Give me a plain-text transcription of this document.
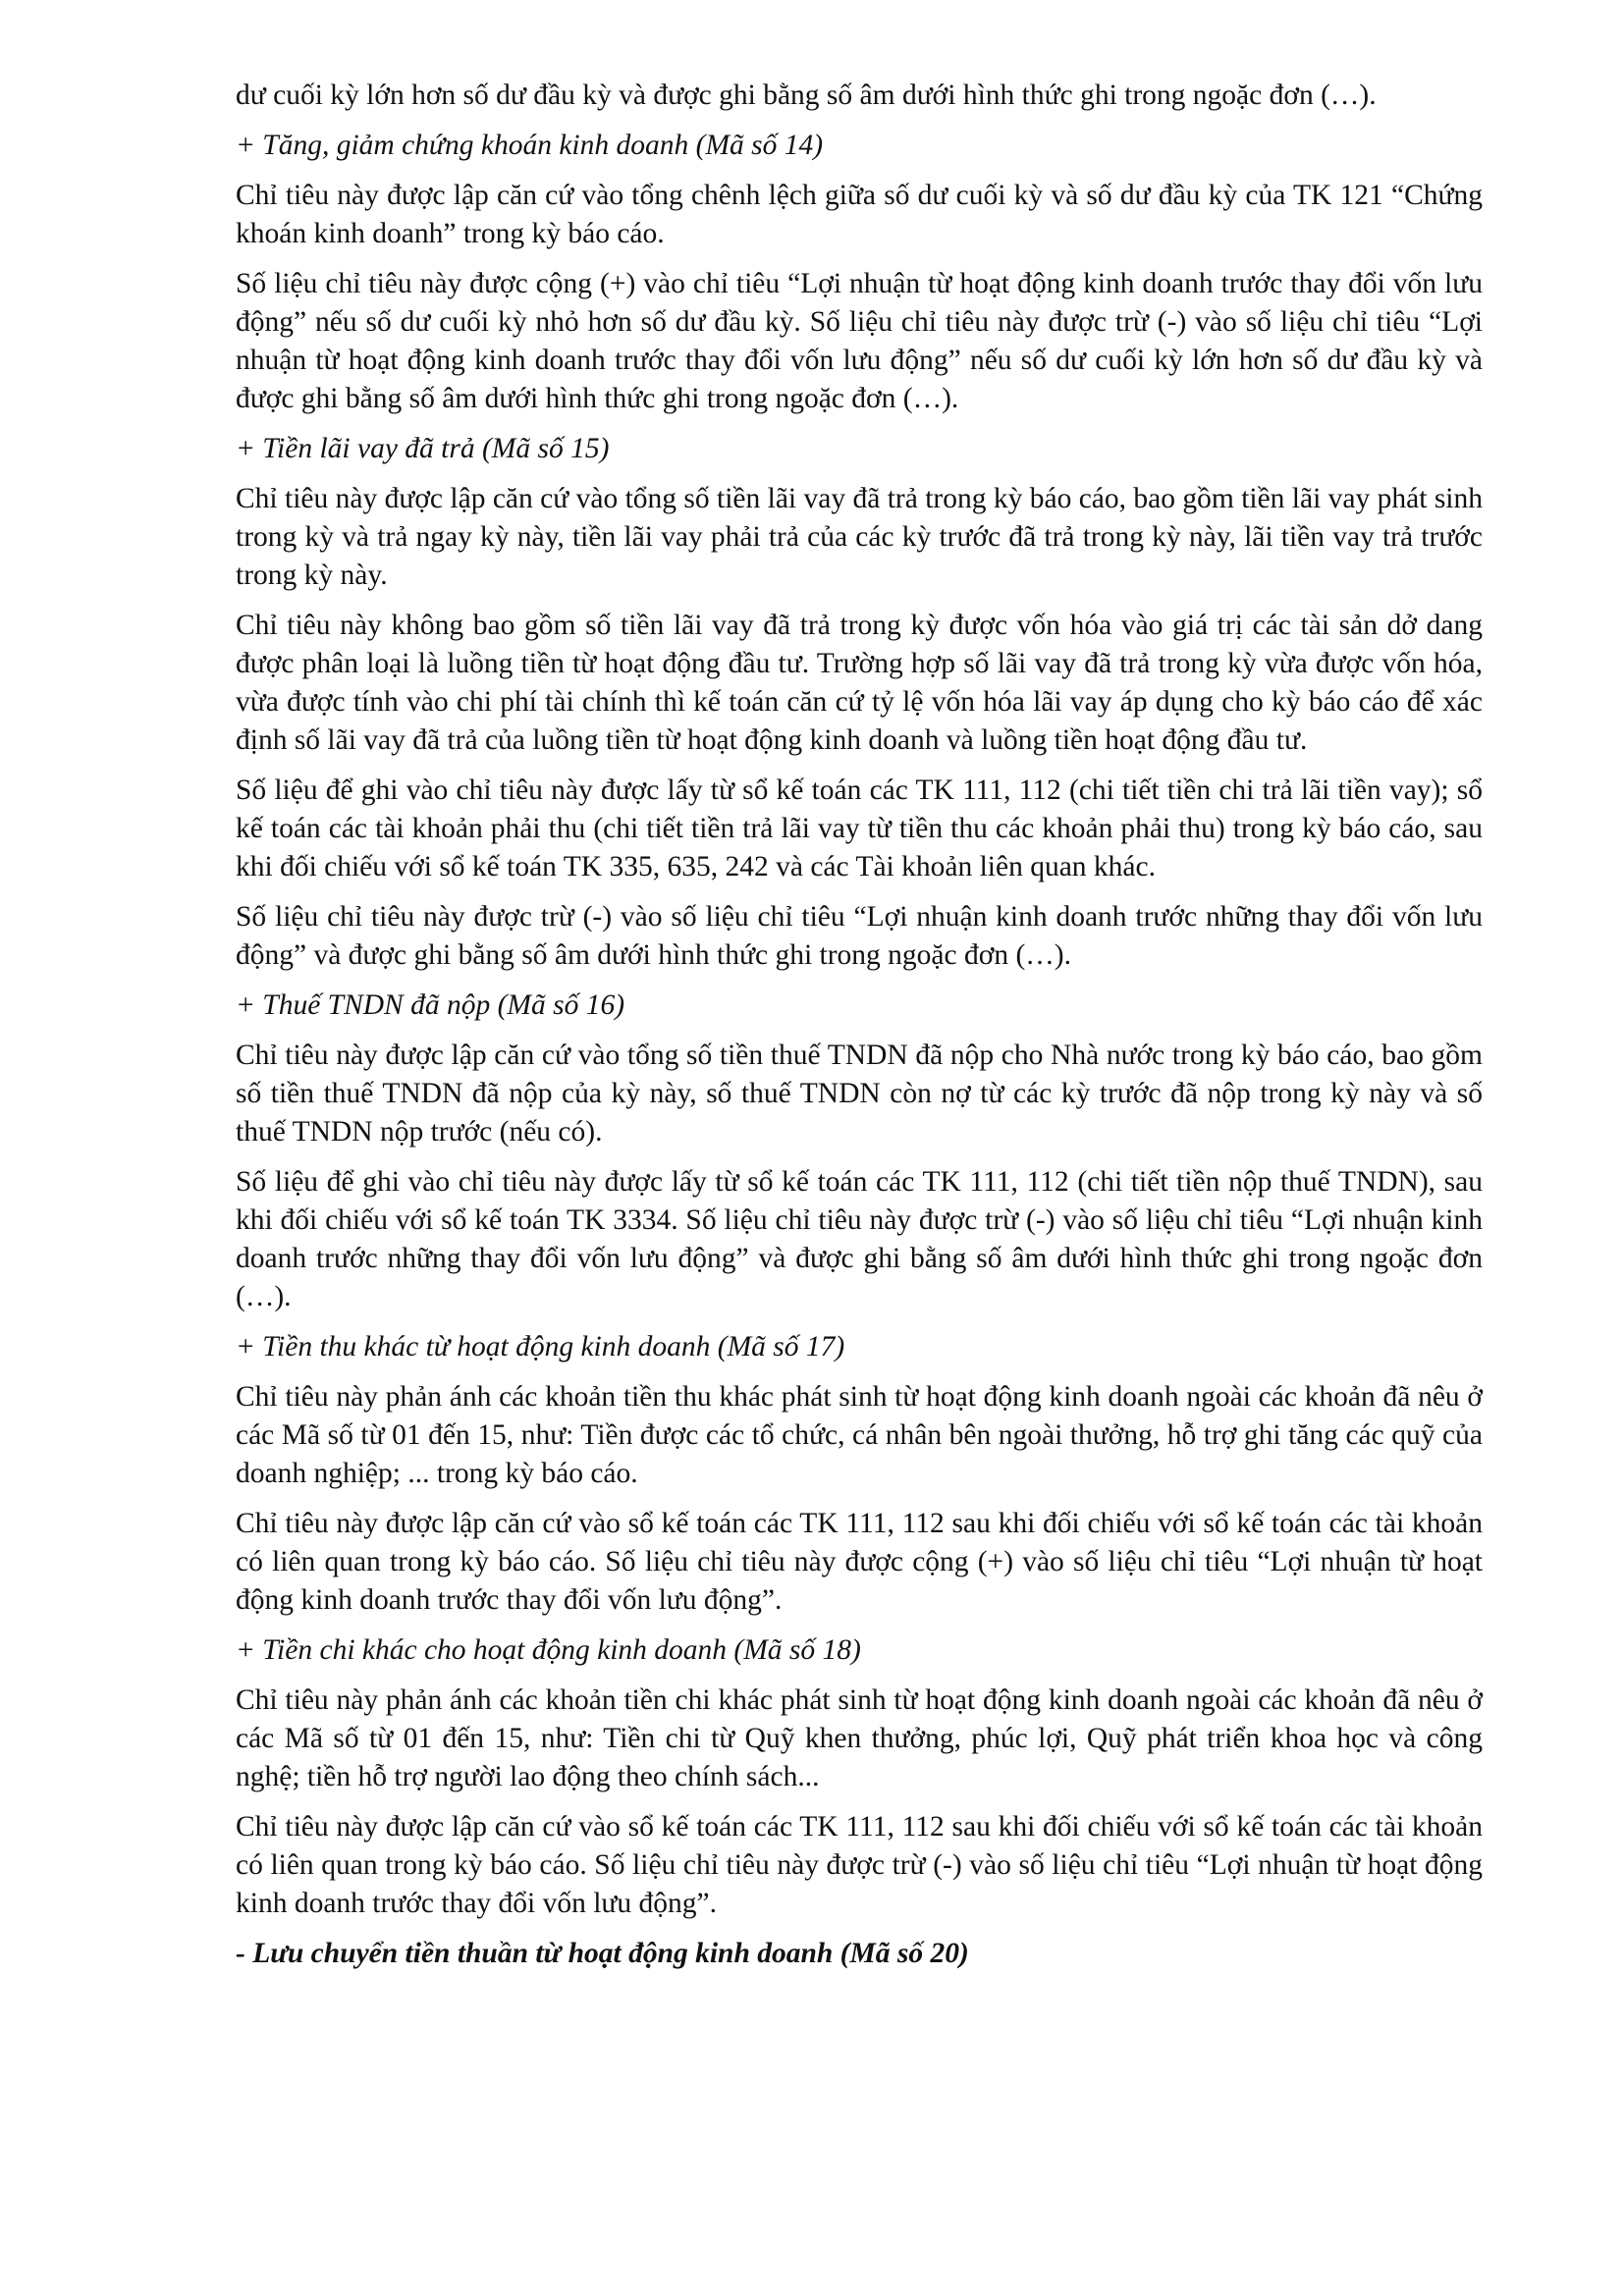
dư cuối kỳ lớn hơn số dư đầu kỳ và được ghi bằng số âm dưới hình thức ghi trong ngoặc đơn (…).

+ Tăng, giảm chứng khoán kinh doanh (Mã số 14)

Chỉ tiêu này được lập căn cứ vào tổng chênh lệch giữa số dư cuối kỳ và số dư đầu kỳ của TK 121 “Chứng khoán kinh doanh” trong kỳ báo cáo.

Số liệu chỉ tiêu này được cộng (+) vào chỉ tiêu “Lợi nhuận từ hoạt động kinh doanh trước thay đổi vốn lưu động” nếu số dư cuối kỳ nhỏ hơn số dư đầu kỳ. Số liệu chỉ tiêu này được trừ (-) vào số liệu chỉ tiêu “Lợi nhuận từ hoạt động kinh doanh trước thay đổi vốn lưu động” nếu số dư cuối kỳ lớn hơn số dư đầu kỳ và được ghi bằng số âm dưới hình thức ghi trong ngoặc đơn (…).

+ Tiền lãi vay đã trả (Mã số 15)

Chỉ tiêu này được lập căn cứ vào tổng số tiền lãi vay đã trả trong kỳ báo cáo, bao gồm tiền lãi vay phát sinh trong kỳ và trả ngay kỳ này, tiền lãi vay phải trả của các kỳ trước đã trả trong kỳ này, lãi tiền vay trả trước trong kỳ này.

Chỉ tiêu này không bao gồm số tiền lãi vay đã trả trong kỳ được vốn hóa vào giá trị các tài sản dở dang được phân loại là luồng tiền từ hoạt động đầu tư. Trường hợp số lãi vay đã trả trong kỳ vừa được vốn hóa, vừa được tính vào chi phí tài chính thì kế toán căn cứ tỷ lệ vốn hóa lãi vay áp dụng cho kỳ báo cáo để xác định số lãi vay đã trả của luồng tiền từ hoạt động kinh doanh và luồng tiền hoạt động đầu tư.

Số liệu để ghi vào chỉ tiêu này được lấy từ sổ kế toán các TK 111, 112 (chi tiết tiền chi trả lãi tiền vay); sổ kế toán các tài khoản phải thu (chi tiết tiền trả lãi vay từ tiền thu các khoản phải thu) trong kỳ báo cáo, sau khi đối chiếu với sổ kế toán TK 335, 635, 242 và các Tài khoản liên quan khác.

Số liệu chỉ tiêu này được trừ (-) vào số liệu chỉ tiêu “Lợi nhuận kinh doanh trước những thay đổi vốn lưu động” và được ghi bằng số âm dưới hình thức ghi trong ngoặc đơn (…).

+ Thuế TNDN đã nộp (Mã số 16)

Chỉ tiêu này được lập căn cứ vào tổng số tiền thuế TNDN đã nộp cho Nhà nước trong kỳ báo cáo, bao gồm số tiền thuế TNDN đã nộp của kỳ này, số thuế TNDN còn nợ từ các kỳ trước đã nộp trong kỳ này và số thuế TNDN nộp trước (nếu có).

Số liệu để ghi vào chỉ tiêu này được lấy từ sổ kế toán các TK 111, 112 (chi tiết tiền nộp thuế TNDN), sau khi đối chiếu với sổ kế toán TK 3334. Số liệu chỉ tiêu này được trừ (-) vào số liệu chỉ tiêu “Lợi nhuận kinh doanh trước những thay đổi vốn lưu động” và được ghi bằng số âm dưới hình thức ghi trong ngoặc đơn (…).

+ Tiền thu khác từ hoạt động kinh doanh (Mã số 17)

Chỉ tiêu này phản ánh các khoản tiền thu khác phát sinh từ hoạt động kinh doanh ngoài các khoản đã nêu ở các Mã số từ 01 đến 15, như: Tiền được các tổ chức, cá nhân bên ngoài thưởng, hỗ trợ ghi tăng các quỹ của doanh nghiệp; ... trong kỳ báo cáo.

Chỉ tiêu này được lập căn cứ vào sổ kế toán các TK 111, 112 sau khi đối chiếu với sổ kế toán các tài khoản có liên quan trong kỳ báo cáo. Số liệu chỉ tiêu này được cộng (+) vào số liệu chỉ tiêu “Lợi nhuận từ hoạt động kinh doanh trước thay đổi vốn lưu động”.

+ Tiền chi khác cho hoạt động kinh doanh (Mã số 18)

Chỉ tiêu này phản ánh các khoản tiền chi khác phát sinh từ hoạt động kinh doanh ngoài các khoản đã nêu ở các Mã số từ 01 đến 15, như: Tiền chi từ Quỹ khen thưởng, phúc lợi, Quỹ phát triển khoa học và công nghệ; tiền hỗ trợ người lao động theo chính sách...

Chỉ tiêu này được lập căn cứ vào sổ kế toán các TK 111, 112 sau khi đối chiếu với sổ kế toán các tài khoản có liên quan trong kỳ báo cáo. Số liệu chỉ tiêu này được trừ (-) vào số liệu chỉ tiêu “Lợi nhuận từ hoạt động kinh doanh trước thay đổi vốn lưu động”.

- Lưu chuyển tiền thuần từ hoạt động kinh doanh (Mã số 20)
